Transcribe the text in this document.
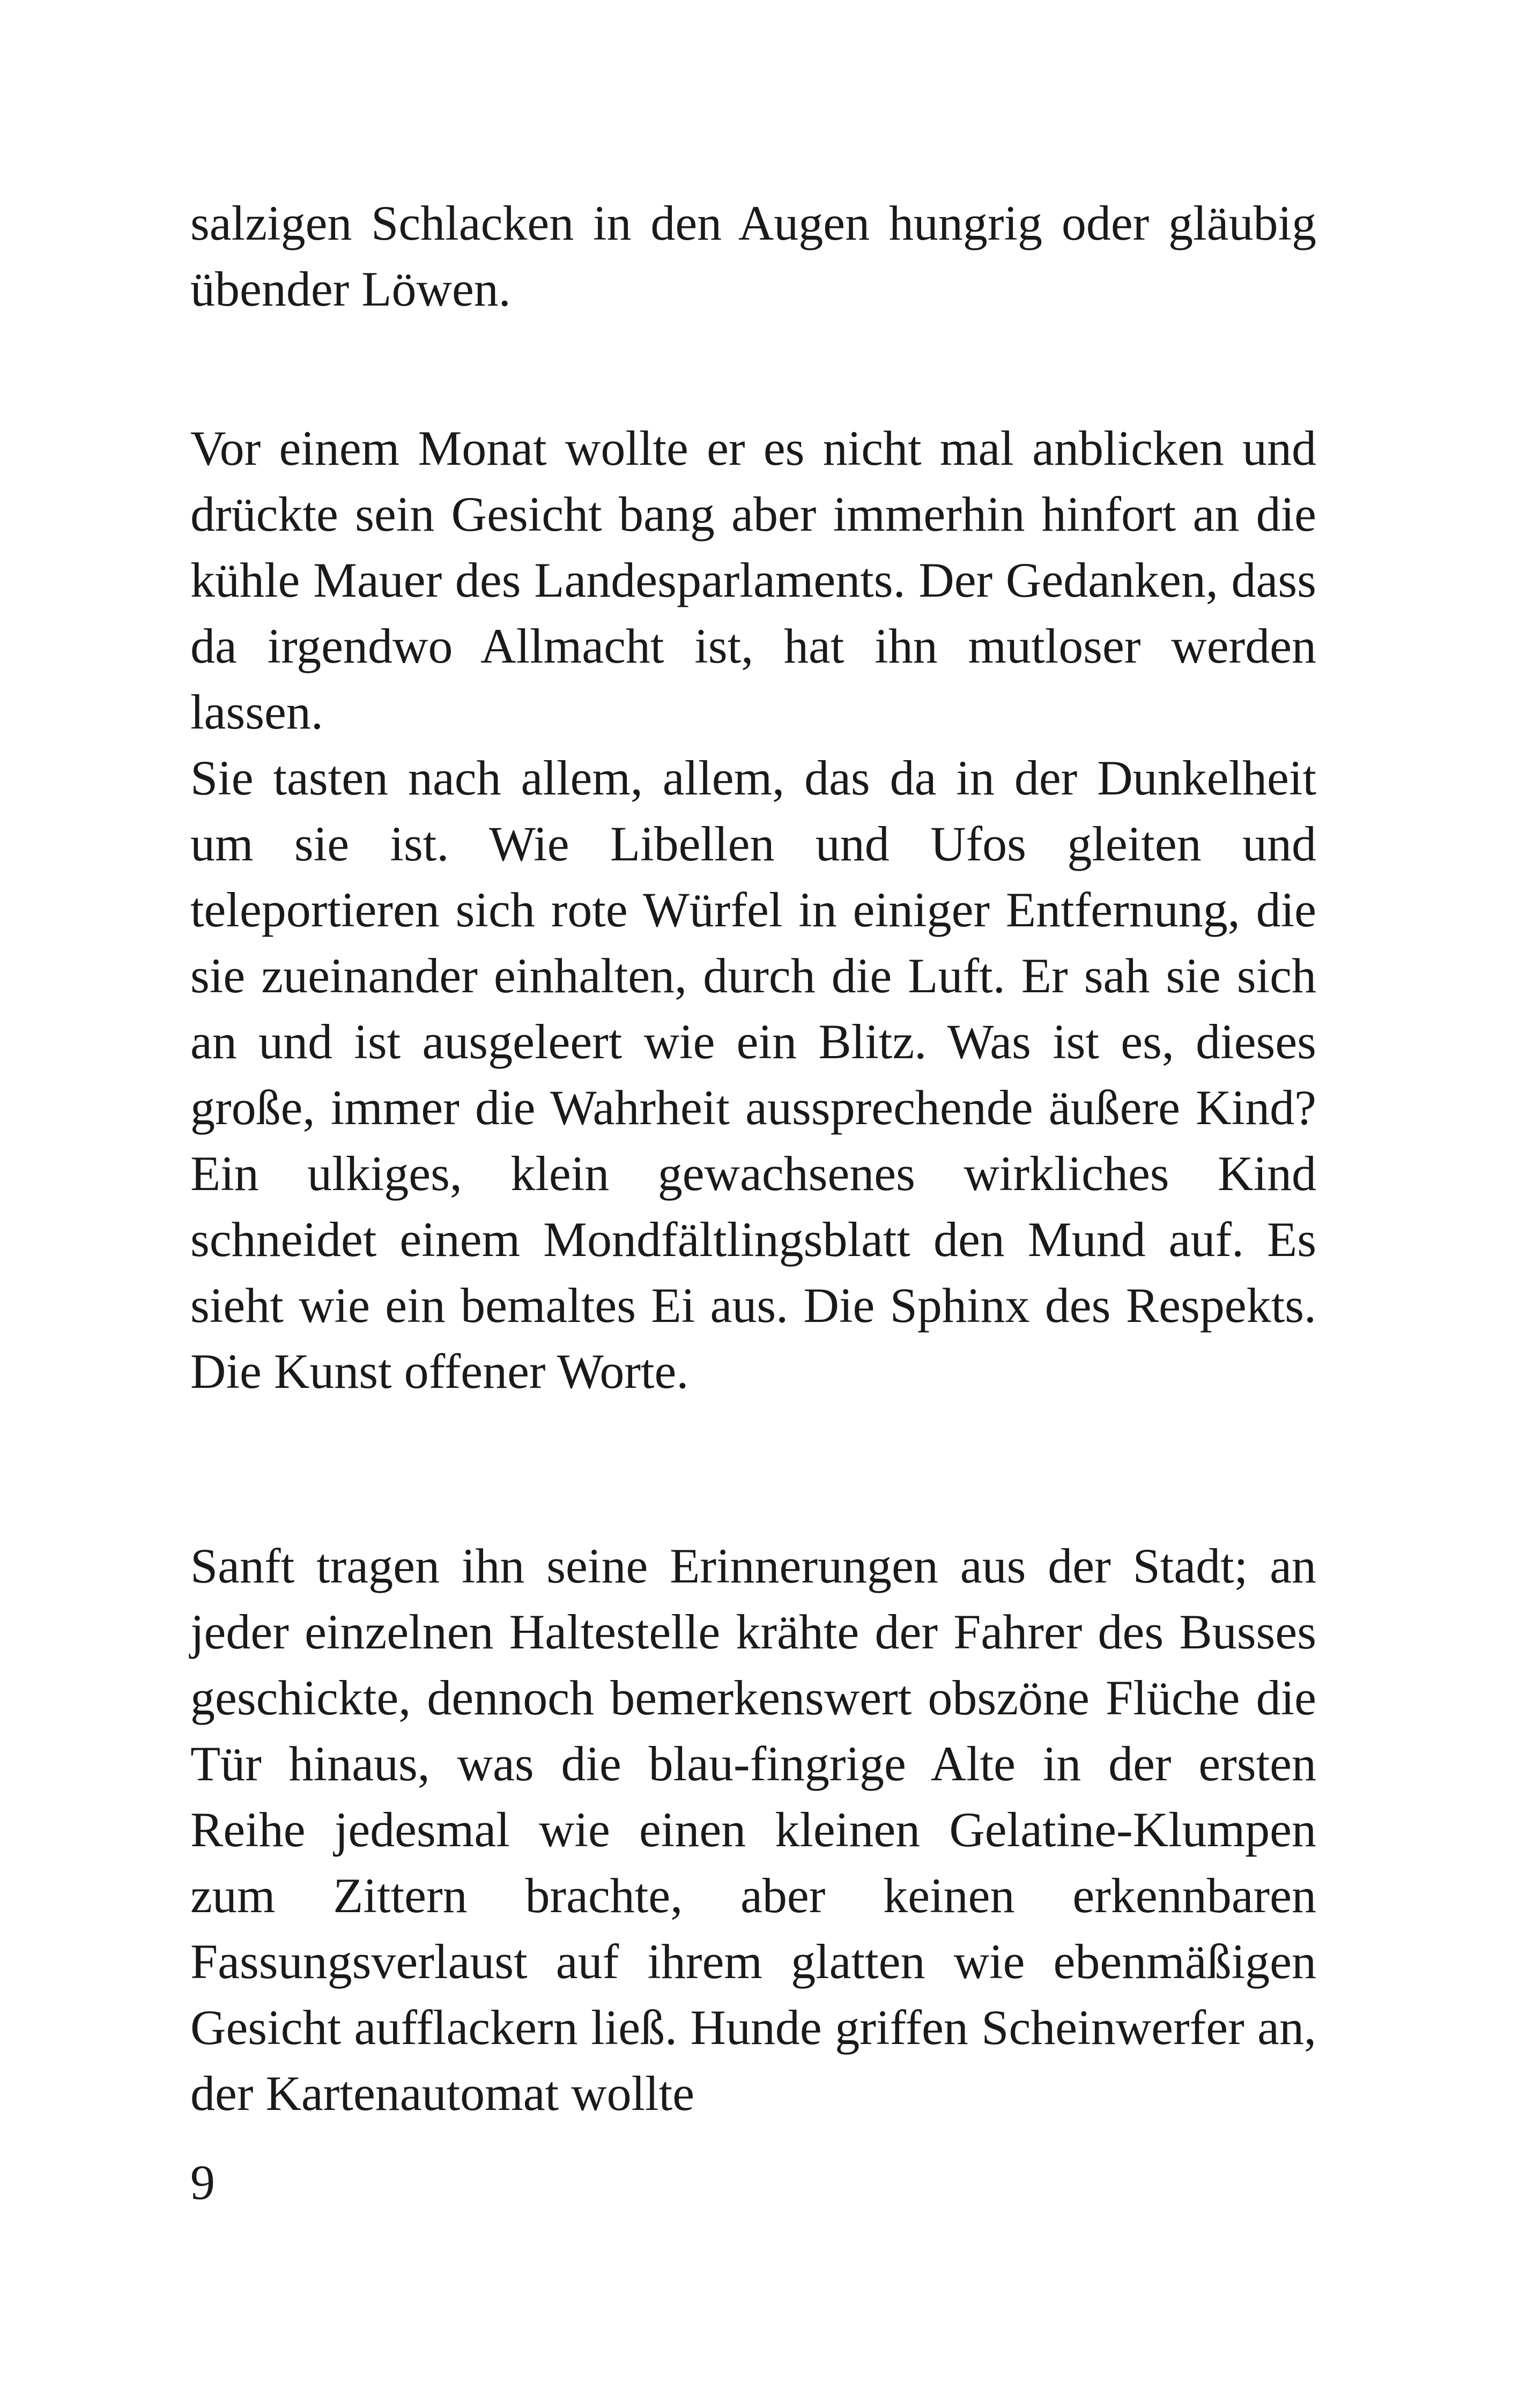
salzigen Schlacken in den Augen hungrig oder gläubig übender Löwen.

Vor einem Monat wollte er es nicht mal anblicken und drückte sein Gesicht bang aber immerhin hinfort an die kühle Mauer des Landesparlaments. Der Gedanken, dass da irgendwo Allmacht ist, hat ihn mutloser werden lassen.

Sie tasten nach allem, allem, das da in der Dunkelheit um sie ist. Wie Libellen und Ufos gleiten und teleportieren sich rote Würfel in einiger Entfernung, die sie zueinander einhalten, durch die Luft. Er sah sie sich an und ist ausgeleert wie ein Blitz. Was ist es, dieses große, immer die Wahrheit aussprechende äußere Kind? Ein ulkiges, klein gewachsenes wirkliches Kind schneidet einem Mondfältlingsblatt den Mund auf. Es sieht wie ein bemaltes Ei aus. Die Sphinx des Respekts. Die Kunst offener Worte.

Sanft tragen ihn seine Erinnerungen aus der Stadt; an jeder einzelnen Haltestelle krähte der Fahrer des Busses geschickte, dennoch bemerkenswert obszöne Flüche die Tür hinaus, was die blau-fingrige Alte in der ersten Reihe jedesmal wie einen kleinen Gelatine-Klumpen zum Zittern brachte, aber keinen erkennbaren Fassungsverlaust auf ihrem glatten wie ebenmäßigen Gesicht aufflackern ließ. Hunde griffen Scheinwerfer an, der Kartenautomat wollte

9
